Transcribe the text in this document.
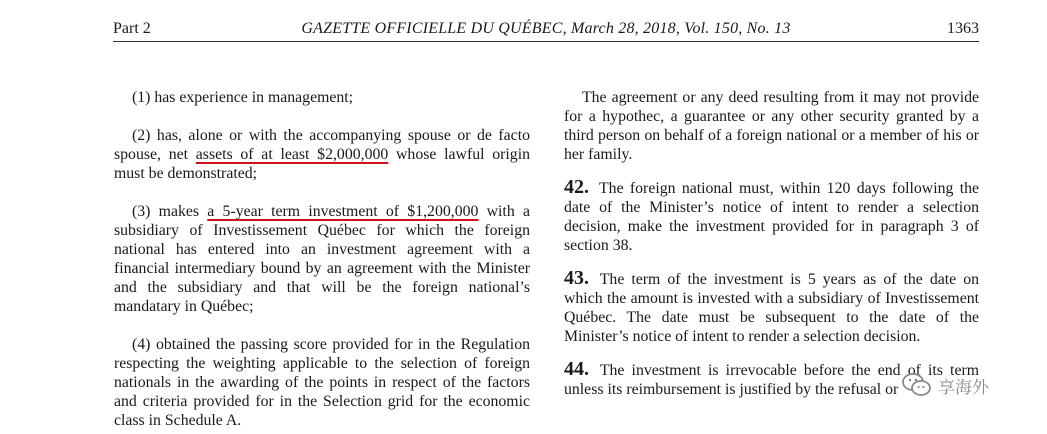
Part 2	GAZETTE OFFICIELLE DU QUÉBEC, March 28, 2018, Vol. 150, No. 13	1363

(1) has experience in management;

(2) has, alone or with the accompanying spouse or de facto spouse, net assets of at least $2,000,000 whose lawful origin must be demonstrated;

(3) makes a 5-year term investment of $1,200,000 with a subsidiary of Investissement Québec for which the foreign national has entered into an investment agreement with a financial intermediary bound by an agreement with the Minister and the subsidiary and that will be the foreign national’s mandatary in Québec;

(4) obtained the passing score provided for in the Regulation respecting the weighting applicable to the selection of foreign nationals in the awarding of the points in respect of the factors and criteria provided for in the Selection grid for the economic class in Schedule A.

The agreement or any deed resulting from it may not provide for a hypothec, a guarantee or any other security granted by a third person on behalf of a foreign national or a member of his or her family.

42. The foreign national must, within 120 days following the date of the Minister’s notice of intent to render a selection decision, make the investment provided for in paragraph 3 of section 38.

43. The term of the investment is 5 years as of the date on which the amount is invested with a subsidiary of Investissement Québec. The date must be subsequent to the date of the Minister’s notice of intent to render a selection decision.

44. The investment is irrevocable before the end of its term unless its reimbursement is justified by the refusal or	享海外
